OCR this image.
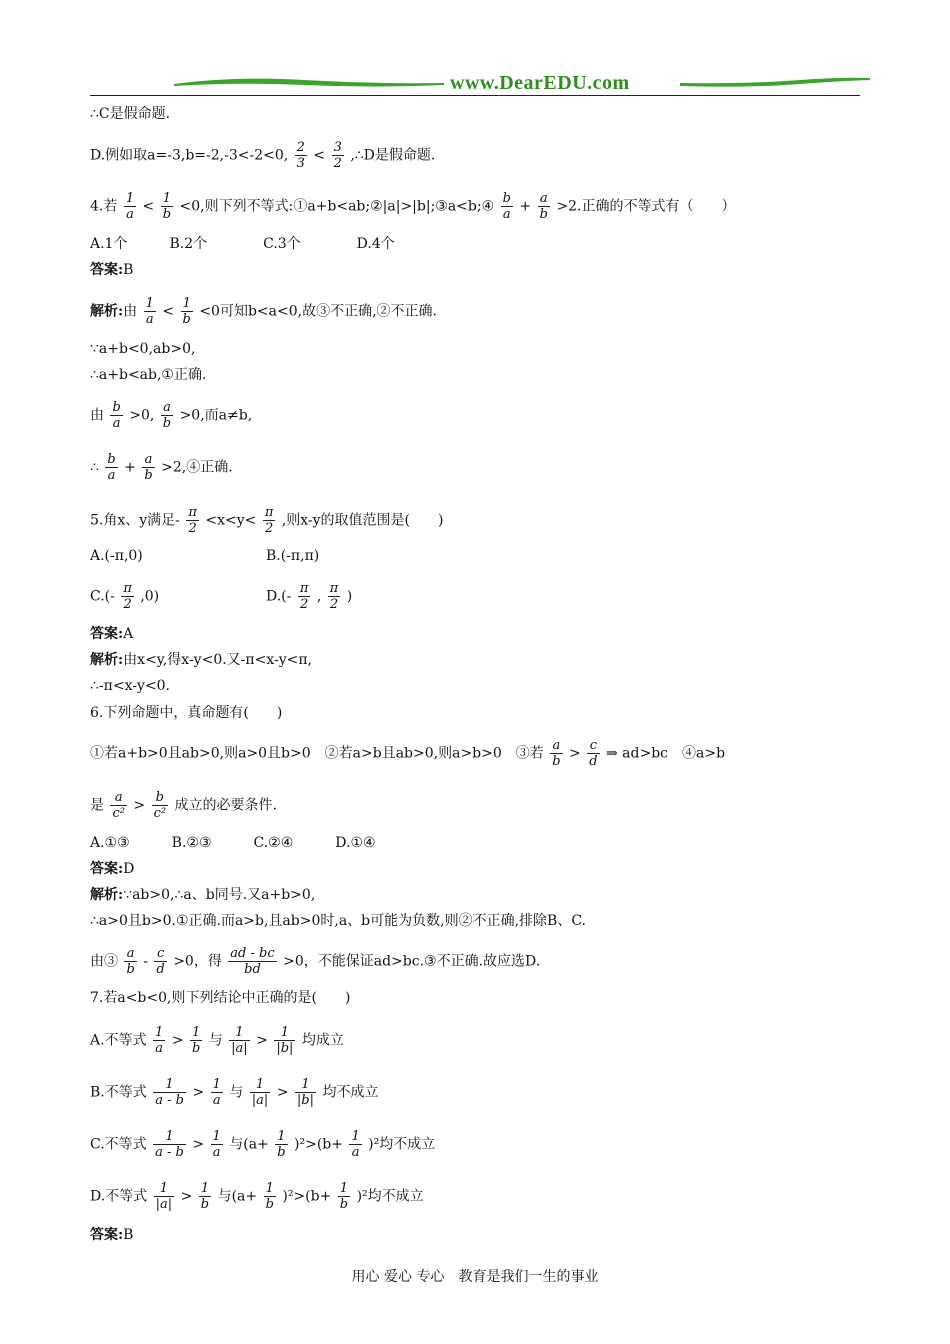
www.DearEDU.com
∴C是假命题.
D.例如取a=-3,b=-2,-3<-2<0, $\frac{2}{3} < \frac{3}{2}$ ,∴D是假命题.
4.若 $\frac{1}{a} < \frac{1}{b} <0$,则下列不等式:①a+b<ab;②|a|>|b|;③a<b;④ $\frac{b}{a} + \frac{a}{b} >2$.正确的不等式有（　　）
A.1个　　　B.2个　　　　C.3个　　　　D.4个
答案:B
解析:由 $\frac{1}{a} < \frac{1}{b} <0$可知b<a<0,故③不正确,②不正确.
∵a+b<0,ab>0,
∴a+b<ab,①正确.
由 $\frac{b}{a} >0$, $\frac{a}{b} >0$,而a≠b,
∴ $\frac{b}{a} + \frac{a}{b}$ >2,④正确.
5.角x、y满足- $\frac{\pi}{2} <x<y< \frac{\pi}{2}$ ,则x-y的取值范围是(　　)
A.(-π,0)	B.(-π,π)
$C.(- \frac{\pi}{2} ,0)$	$D.(- \frac{\pi}{2}$ , $\frac{\pi}{2}$ )
答案:A
解析:由x<y,得x-y<0.又-π<x-y<π,
∴-π<x-y<0.
6.下列命题中，真命题有(　　)
①若a+b>0且ab>0,则a>0且b>0　②若a>b且ab>0,则a>b>0　③若 $\frac{a}{b} > \frac{c}{d}$ ⇒ ad>bc　④a>b
是 $\frac{a}{\text{c²}} > \frac{b}{\text{c²}}$ 成立的必要条件.
A.①③　　　B.②③　　　C.②④　　　D.①④
答案:D
解析:∵ab>0,∴a、b同号.又a+b>0,
∴a>0且b>0.①正确.而a>b,且ab>0时,a、b可能为负数,则②不正确,排除B、C.
由③ $\frac{a}{b} - \frac{c}{d} >0$，得 $\frac{ad - bc}{bd} >0$，不能保证ad>bc.③不正确.故应选D.
7.若a<b<0,则下列结论中正确的是(　　)
A.不等式 $\frac{1}{a} > \frac{1}{b}$ 与 $\frac{1}{|a|} > \frac{1}{|b|}$ 均成立
B.不等式 $\frac{1}{a - b} > \frac{1}{a}$ 与 $\frac{1}{|a|} > \frac{1}{|b|}$ 均不成立
C.不等式 $\frac{1}{a - b} > \frac{1}{a}$ 与$(a+ \frac{1}{b} )^2>(b+ \frac{1}{a} )^2$均不成立
D.不等式 $\frac{1}{|a|} > \frac{1}{b}$ 与$(a+ \frac{1}{b} )^2>(b+ \frac{1}{b} )^2$均不成立
答案:B
用心 爱心 专心　教育是我们一生的事业
